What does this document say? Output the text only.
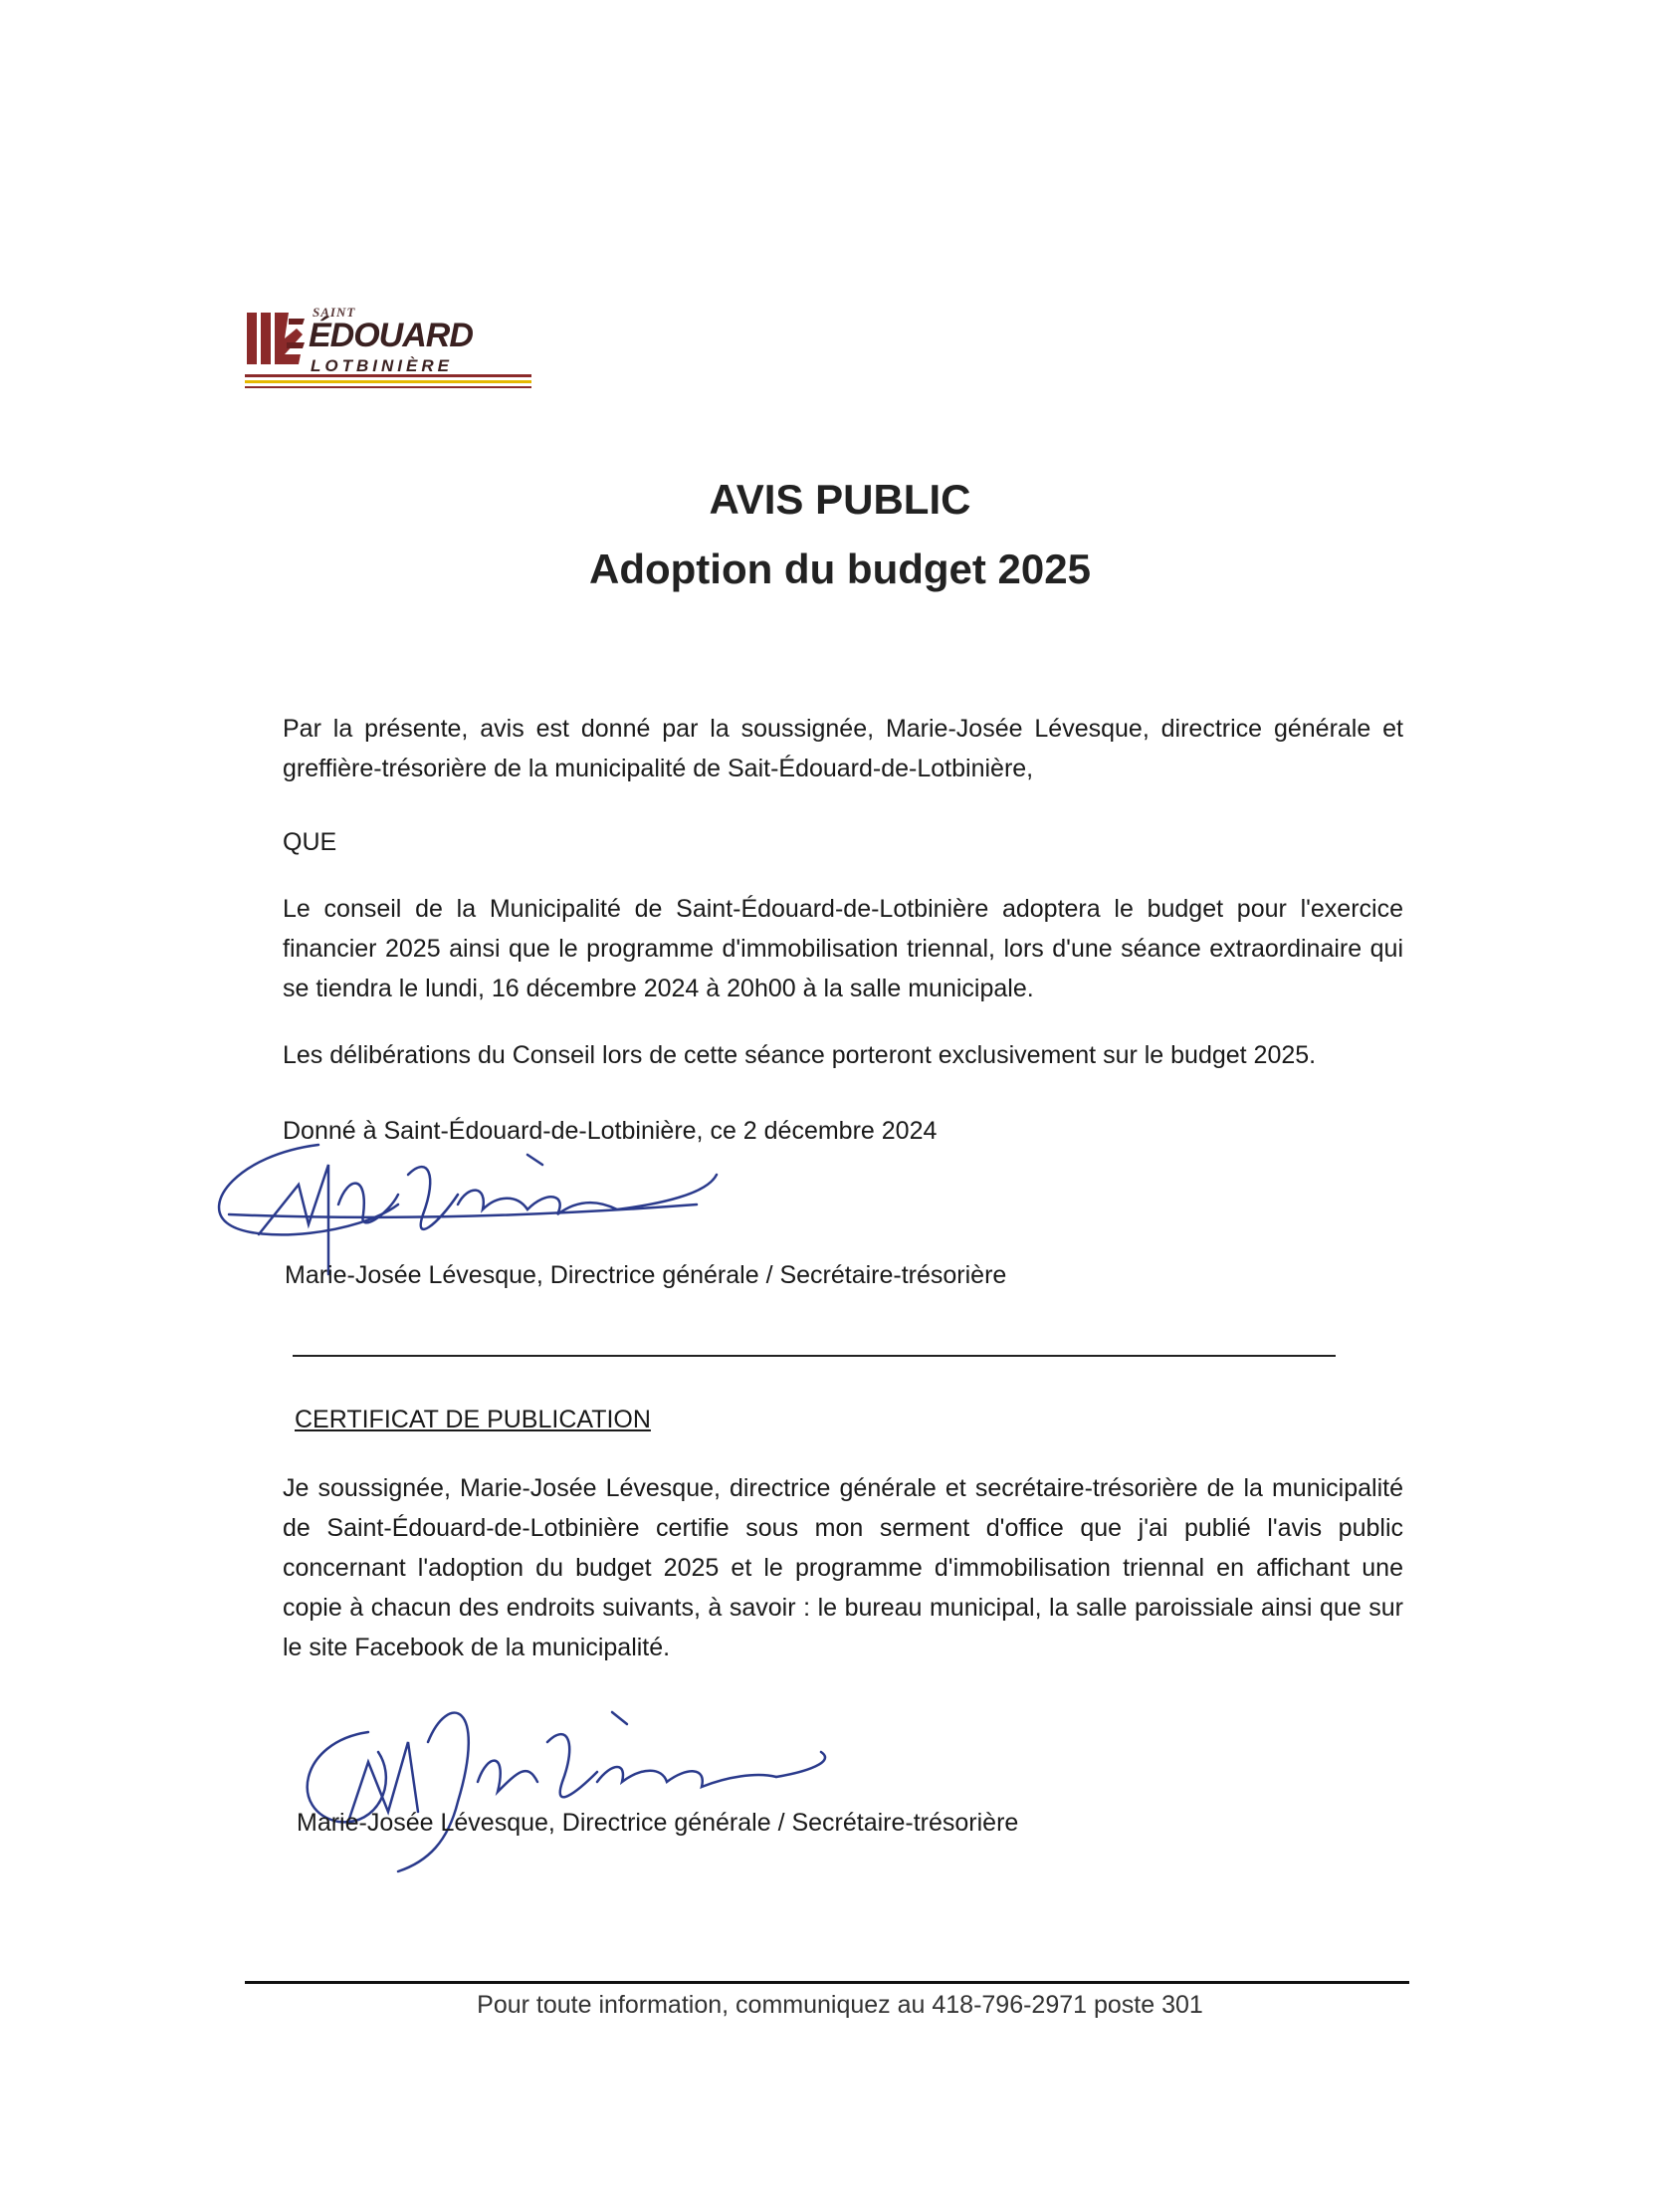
SAINT
ÉDOUARD
LOTBINIÈRE
AVIS PUBLIC
Adoption du budget 2025
Par la présente, avis est donné par la soussignée, Marie-Josée Lévesque, directrice générale et greffière-trésorière de la municipalité de Sait-Édouard-de-Lotbinière,
QUE
Le conseil de la Municipalité de Saint-Édouard-de-Lotbinière adoptera le budget pour l'exercice financier 2025 ainsi que le programme d'immobilisation triennal, lors d'une séance extraordinaire qui se tiendra le lundi, 16 décembre 2024 à 20h00 à la salle municipale.
Les délibérations du Conseil lors de cette séance porteront exclusivement sur le budget 2025.
Donné à Saint-Édouard-de-Lotbinière, ce 2 décembre 2024
Marie-Josée Lévesque, Directrice générale / Secrétaire-trésorière
CERTIFICAT DE PUBLICATION
Je soussignée, Marie-Josée Lévesque, directrice générale et secrétaire-trésorière de la municipalité de Saint-Édouard-de-Lotbinière certifie sous mon serment d'office que j'ai publié l'avis public concernant l'adoption du budget 2025 et le programme d'immobilisation triennal en affichant une copie à chacun des endroits suivants, à savoir : le bureau municipal, la salle paroissiale ainsi que sur le site Facebook de la municipalité.
Marie-Josée Lévesque, Directrice générale / Secrétaire-trésorière
Pour toute information, communiquez au 418-796-2971 poste 301
